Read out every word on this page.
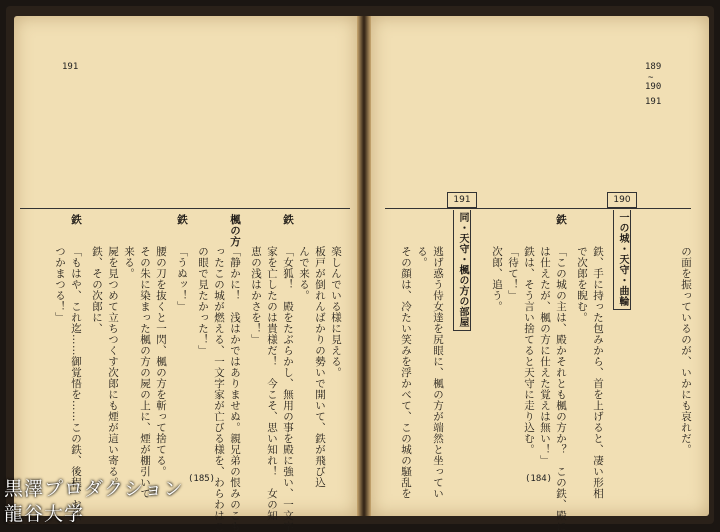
191
楽しんでいる様に見える。
板戸が倒れんばかりの勢いで開いて、鉄が飛び込
んで来る。
鉄
「女狐！　殿をたぶらかし、無用の事を殿に強い、一文字
家を亡したのは貴様だ！　今こそ、思い知れ！　女の知
恵の浅はかさを！」
楓の方
「静かに！　浅はかではありませぬ。親兄弟の恨みのこも
ったこの城が燃える、一文字家が亡びる様を、わらわはこ
の眼で見たかった！」
鉄
「うぬッ！」
腰の刀を抜くと一閃、楓の方を斬って捨てる。
その朱に染まった楓の方の屍の上に、煙が棚引いて
来る。
屍を見つめて立ちつくす次郎にも煙が這い寄る。
鉄、その次郎に、
鉄
「もはや、これ迄……御覚悟を……この鉄、後程、お供
つかまつる！」
(185)
189
~
190
191
190
191
一の城・天守・曲輪
同・天守・楓の方の部屋	の面を振っているのが、いかにも哀れだ。
鉄、手に持った包みから、首を上げると、凄い形相
で次郎を睨む。
鉄
「この城の主は、殿かそれとも楓の方か？　この鉄、殿に
は仕えたが、楓の方に仕えた覚えは無い！」
鉄は、そう言い捨てると天守に走り込む。
「待て！」
次郎、追う。
逃げ惑う侍女達を尻眼に、楓の方が端然と坐ってい
る。
その顔は、冷たい笑みを浮かべて、この城の騒乱を	(184)
黒澤プロダクション
龍谷大学
